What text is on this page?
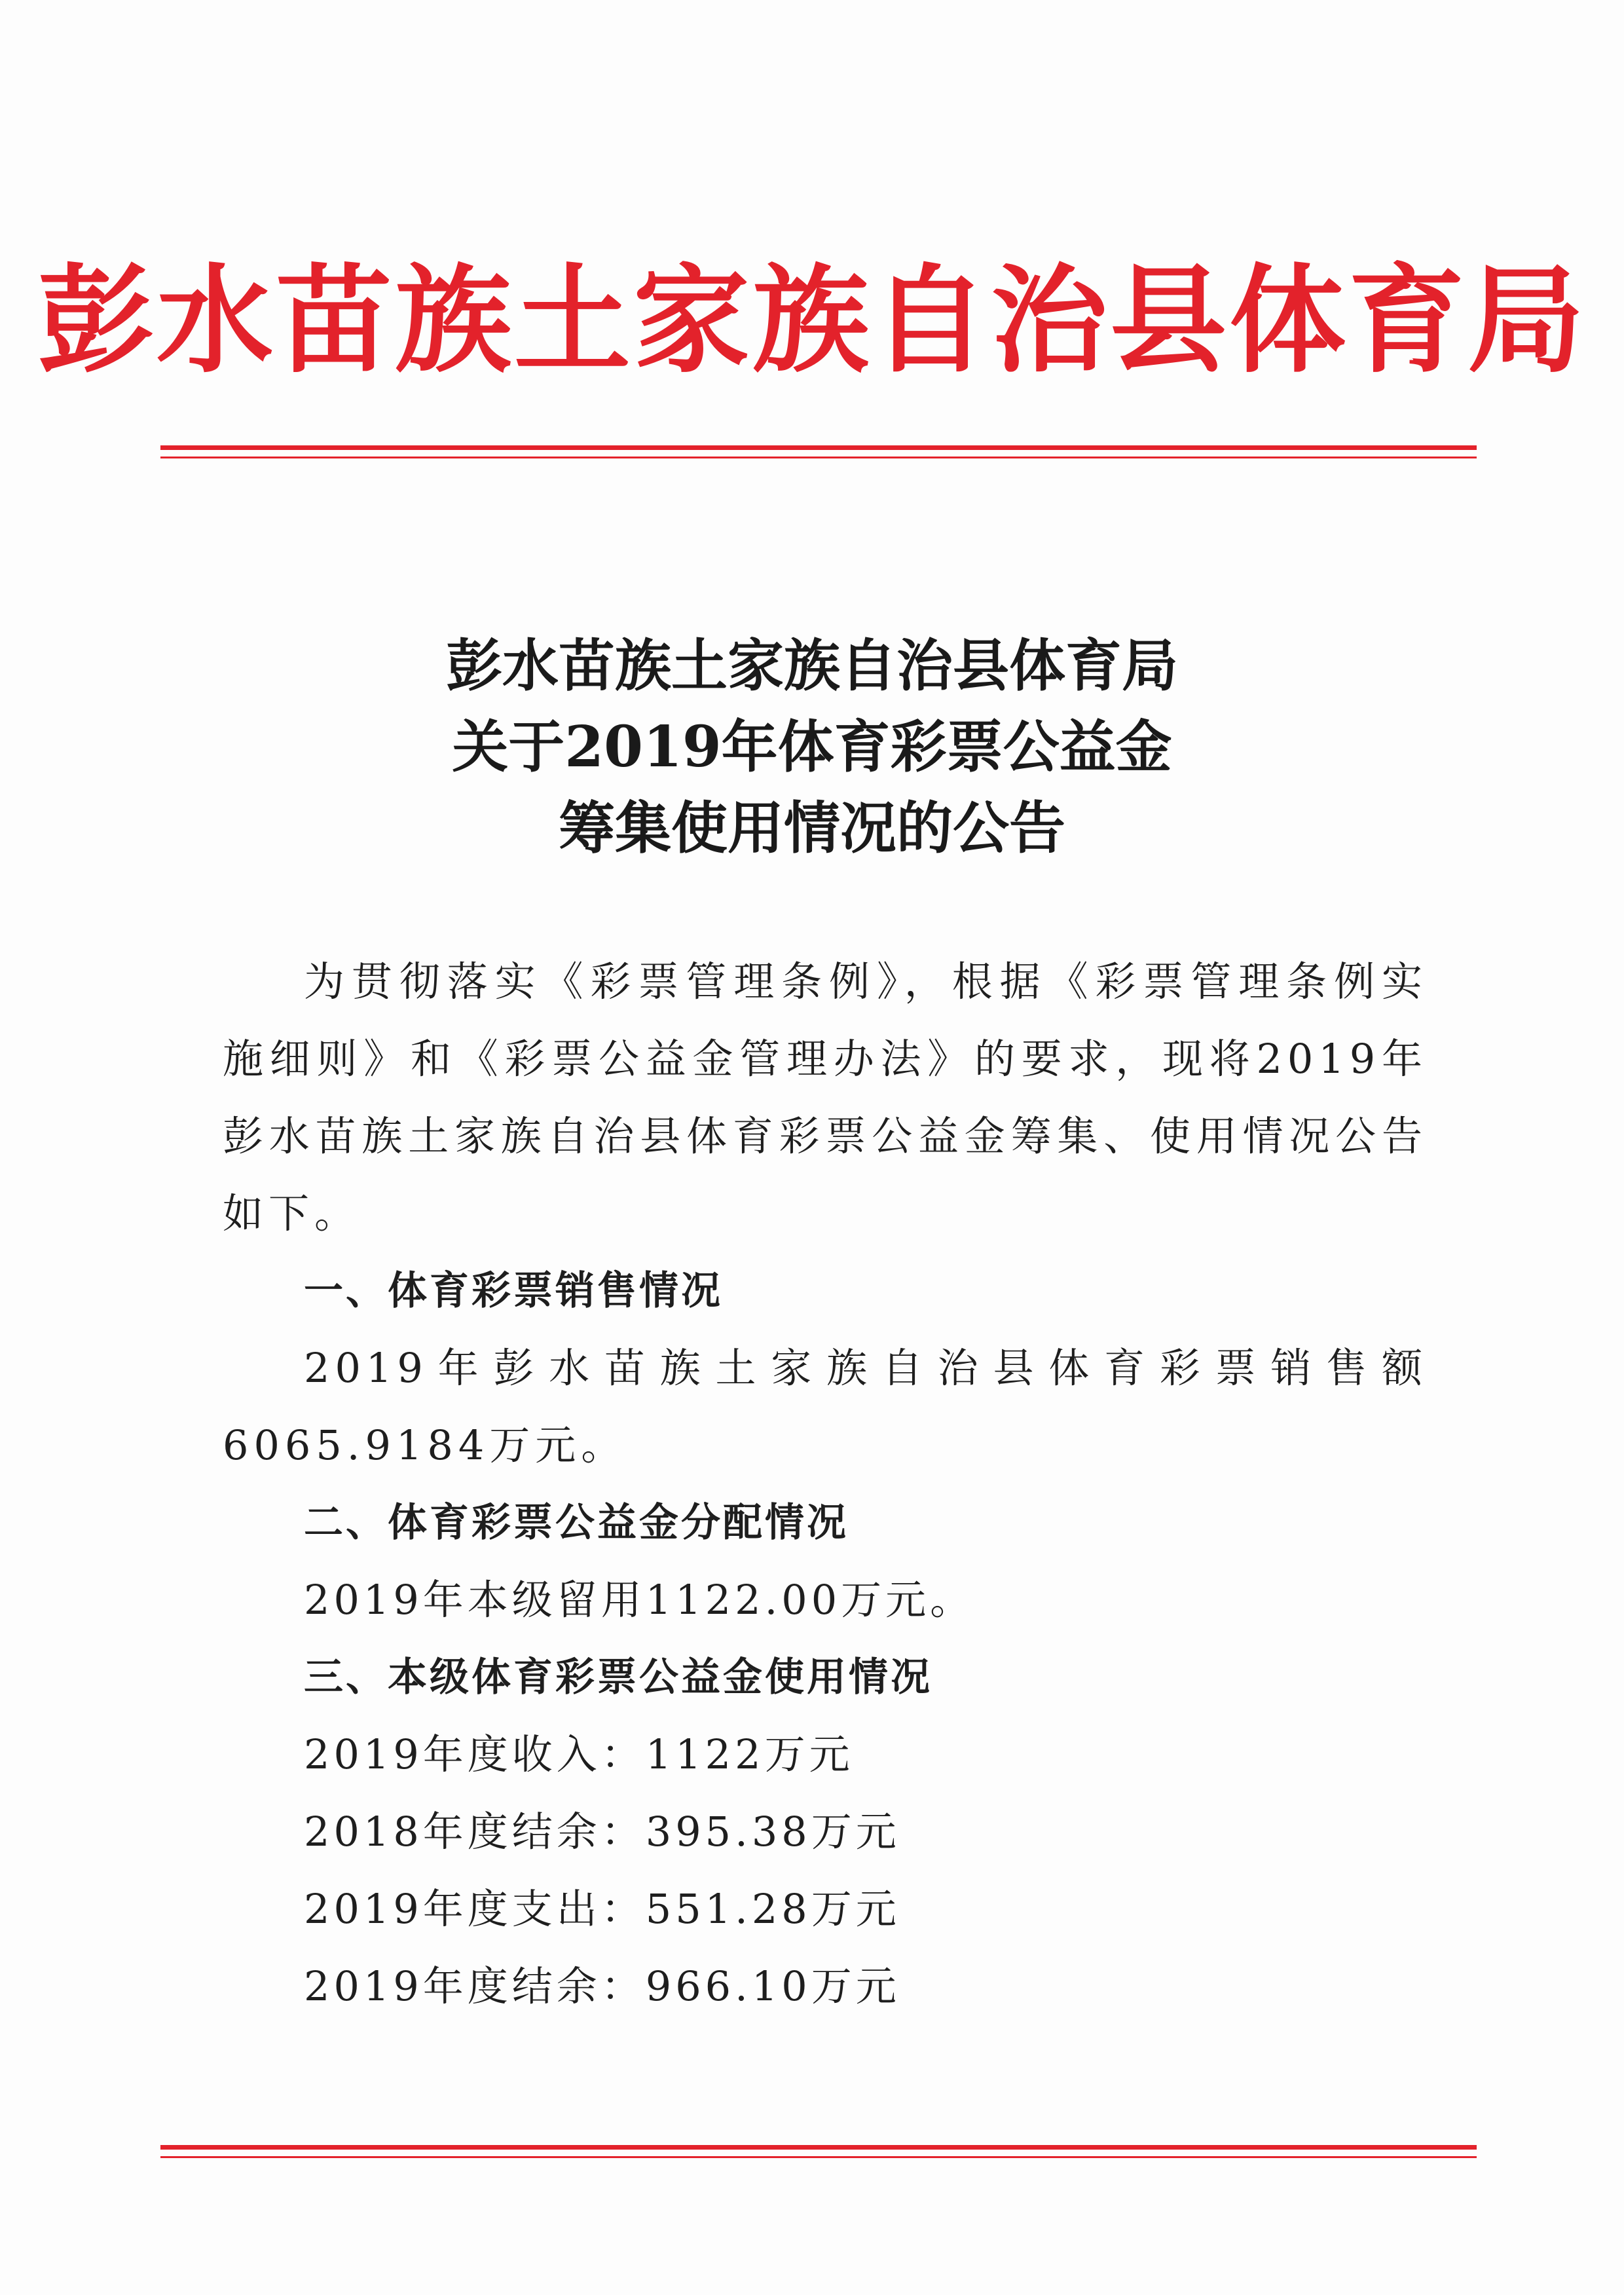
彭水苗族土家族自治县体育局
彭水苗族土家族自治县体育局
关于2019年体育彩票公益金
筹集使用情况的公告
为贯彻落实《彩票管理条例》，根据《彩票管理条例实施细则》和《彩票公益金管理办法》的要求，现将2019年彭水苗族土家族自治县体育彩票公益金筹集、使用情况公告如下。
一、体育彩票销售情况
2019年彭水苗族土家族自治县体育彩票销售额6065.9184万元。
二、体育彩票公益金分配情况
2019年本级留用1122.00万元。
三、本级体育彩票公益金使用情况
2019年度收入：1122万元
2018年度结余：395.38万元
2019年度支出：551.28万元
2019年度结余：966.10万元
